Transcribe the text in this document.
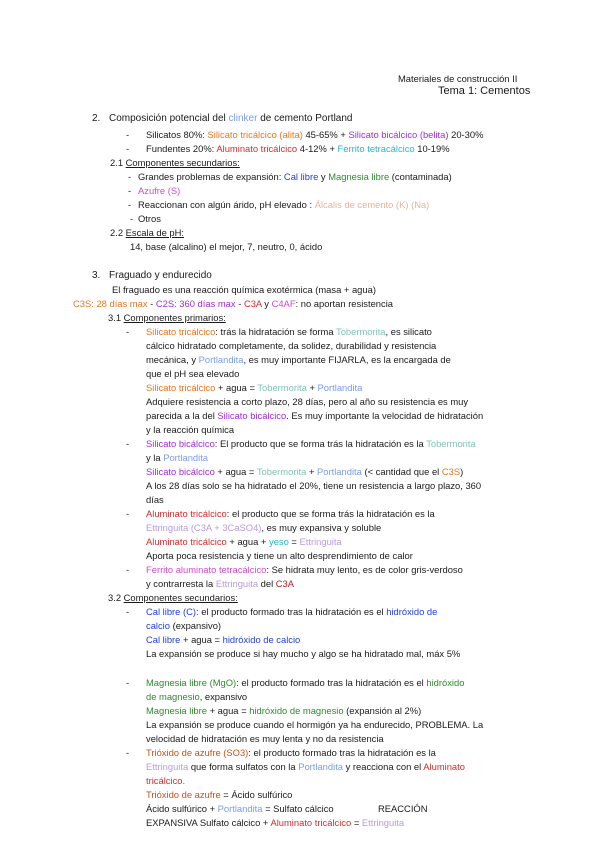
Materiales de construcción II
Tema 1: Cementos
2. Composición potencial del clinker de cemento Portland
- Silicatos 80%: Silicato tricálcico (alita) 45-65% + Silicato bicálcico (belita) 20-30%
- Fundentes 20%: Aluminato tricálcico 4-12% + Ferrito tetracálcico 10-19%
2.1 Componentes secundarios:
- Grandes problemas de expansión: Cal libre y Magnesia libre (contaminada)
- Azufre (S)
- Reaccionan con algún árido, pH elevado : Álcalis de cemento (K) (Na)
- Otros
2.2 Escala de pH:
14, base (alcalino) el mejor, 7, neutro, 0, ácido
3. Fraguado y endurecido
El fraguado es una reacción química exotérmica (masa + agua)
C3S: 28 días max - C2S: 360 días max - C3A y C4AF: no aportan resistencia
3.1 Componentes primarios:
- Silicato tricálcico: trás la hidratación se forma Tobermorita, es silicato
cálcico hidratado completamente, da solidez, durabilidad y resistencia
mecánica, y Portlandita, es muy importante FIJARLA, es la encargada de
que el pH sea elevado
Silicato tricálcico + agua = Tobermorita + Portlandita
Adquiere resistencia a corto plazo, 28 días, pero al año su resistencia es muy
parecida a la del Silicato bicálcico. Es muy importante la velocidad de hidratación
y la reacción química
- Silicato bicálcico: El producto que se forma trás la hidratación es la Tobermorita
y la Portlandita
Silicato bicálcico + agua = Tobermorita + Portlandita (< cantidad que el C3S)
A los 28 días solo se ha hidratado el 20%, tiene un resistencia a largo plazo, 360
días
- Aluminato tricálcico: el producto que se forma trás la hidratación es la
Ettringuita (C3A + 3CaSO4), es muy expansiva y soluble
Aluminato tricálcico + agua + yeso = Ettringuita
Aporta poca resistencia y tiene un alto desprendimiento de calor
- Ferrito aluminato tetracálcico: Se hidrata muy lento, es de color gris-verdoso
y contrarresta la Ettringuita del C3A
3.2 Componentes secundarios:
- Cal libre (C): el producto formado tras la hidratación es el hidróxido de
calcio (expansivo)
Cal libre + agua = hidróxido de calcio
La expansión se produce si hay mucho y algo se ha hidratado mal, máx 5%
- Magnesia libre (MgO): el producto formado tras la hidratación es el hidróxido
de magnesio, expansivo
Magnesia libre + agua = hidróxido de magnesio (expansión al 2%)
La expansión se produce cuando el hormigón ya ha endurecido, PROBLEMA. La
velocidad de hidratación es muy lenta y no da resistencia
- Trióxido de azufre (SO3): el producto formado tras la hidratación es la
Ettringuita que forma sulfatos con la Portlandita y reacciona con el Aluminato
tricálcico.
Trióxido de azufre = Ácido sulfúrico
Ácido sulfúrico + Portlandita = Sulfato cálcico	REACCIÓN
EXPANSIVA Sulfato cálcico + Aluminato tricálcico = Ettringuita
